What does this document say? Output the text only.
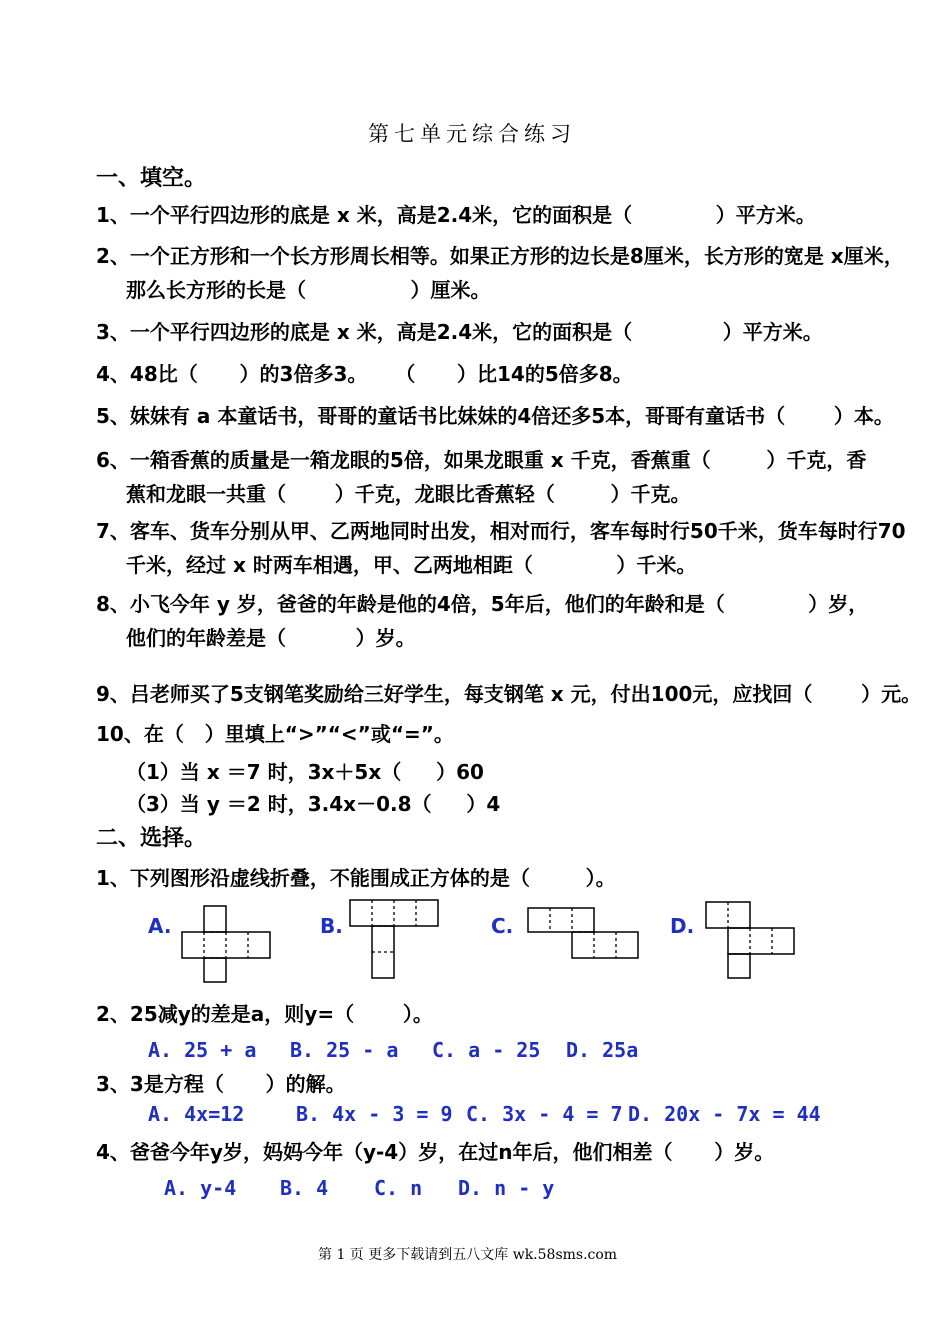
第七单元综合练习
一、填空。
1、一个平行四边形的底是 x 米，高是2.4米，它的面积是（            ）平方米。
2、一个正方形和一个长方形周长相等。如果正方形的边长是8厘米，长方形的宽是 x厘米，
那么长方形的长是（               ）厘米。
3、一个平行四边形的底是 x 米，高是2.4米，它的面积是（             ）平方米。
4、48比（      ）的3倍多3。    （      ）比14的5倍多8。
5、妹妹有 a 本童话书，哥哥的童话书比妹妹的4倍还多5本，哥哥有童话书（       ）本。
6、一箱香蕉的质量是一箱龙眼的5倍，如果龙眼重 x 千克，香蕉重（        ）千克，香
蕉和龙眼一共重（       ）千克，龙眼比香蕉轻（        ）千克。
7、客车、货车分别从甲、乙两地同时出发，相对而行，客车每时行50千米，货车每时行70
千米，经过 x 时两车相遇，甲、乙两地相距（            ）千米。
8、小飞今年 y 岁，爸爸的年龄是他的4倍，5年后，他们的年龄和是（            ）岁，
他们的年龄差是（          ）岁。
9、吕老师买了5支钢笔奖励给三好学生，每支钢笔 x 元，付出100元，应找回（       ）元。
10、在（   ）里填上“>”“<”或“=”。
（1）当 x ＝7 时，3x＋5x（     ）60
（3）当 y ＝2 时，3.4x－0.8（     ）4
二、选择。
1、下列图形沿虚线折叠，不能围成正方体的是（        ）。
A.	B.	C.	D.
2、25减y的差是a，则y=（       ）。
A. 25 + a B. 25 - a C. a - 25 D. 25a
3、3是方程（      ）的解。
A. 4x=12	B. 4x - 3 = 9 C. 3x - 4 = 7 D. 20x - 7x = 44
4、爸爸今年y岁，妈妈今年（y-4）岁，在过n年后，他们相差（      ）岁。
A. y-4 B. 4 C. n D. n - y
第 1 页 更多下载请到五八文库 wk.58sms.com
